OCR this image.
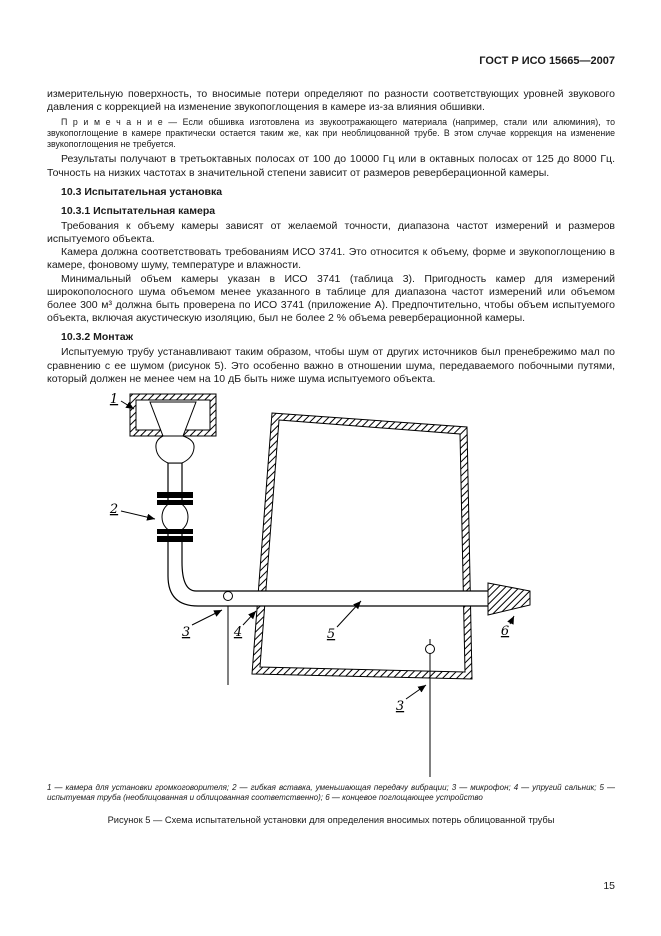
ГОСТ Р ИСО 15665—2007

измерительную поверхность, то вносимые потери определяют по разности соответствующих уровней звукового давления с коррекцией на изменение звукопоглощения в камере из-за влияния обшивки.

П р и м е ч а н и е — Если обшивка изготовлена из звукоотражающего материала (например, стали или алюминия), то звукопоглощение в камере практически остается таким же, как при необлицованной трубе. В этом случае коррекция на изменение звукопоглощения не требуется.

Результаты получают в третьоктавных полосах от 100 до 10000 Гц или в октавных полосах от 125 до 8000 Гц. Точность на низких частотах в значительной степени зависит от размеров реверберационной камеры.

10.3 Испытательная установка

10.3.1 Испытательная камера

Требования к объему камеры зависят от желаемой точности, диапазона частот измерений и размеров испытуемого объекта.

Камера должна соответствовать требованиям ИСО 3741. Это относится к объему, форме и звукопоглощению в камере, фоновому шуму, температуре и влажности.

Минимальный объем камеры указан в ИСО 3741 (таблица 3). Пригодность камер для измерений широкополосного шума объемом менее указанного в таблице для диапазона частот измерений или объемом более 300 м³ должна быть проверена по ИСО 3741 (приложение А). Предпочтительно, чтобы объем испытуемого объекта, включая акустическую изоляцию, был не более 2 % объема реверберационной камеры.

10.3.2 Монтаж

Испытуемую трубу устанавливают таким образом, чтобы шум от других источников был пренебрежимо мал по сравнению с ее шумом (рисунок 5). Это особенно важно в отношении шума, передаваемого побочными путями, который должен не менее чем на 10 дБ быть ниже шума испытуемого объекта.

1
2
3	4	5	6
3

1 — камера для установки громкоговорителя; 2 — гибкая вставка, уменьшающая передачу вибрации; 3 — микрофон; 4 — упругий сальник; 5 — испытуемая труба (необлицованная и облицованная соответственно); 6 — концевое поглощающее устройство

Рисунок 5 — Схема испытательной установки для определения вносимых потерь облицованной трубы

15
